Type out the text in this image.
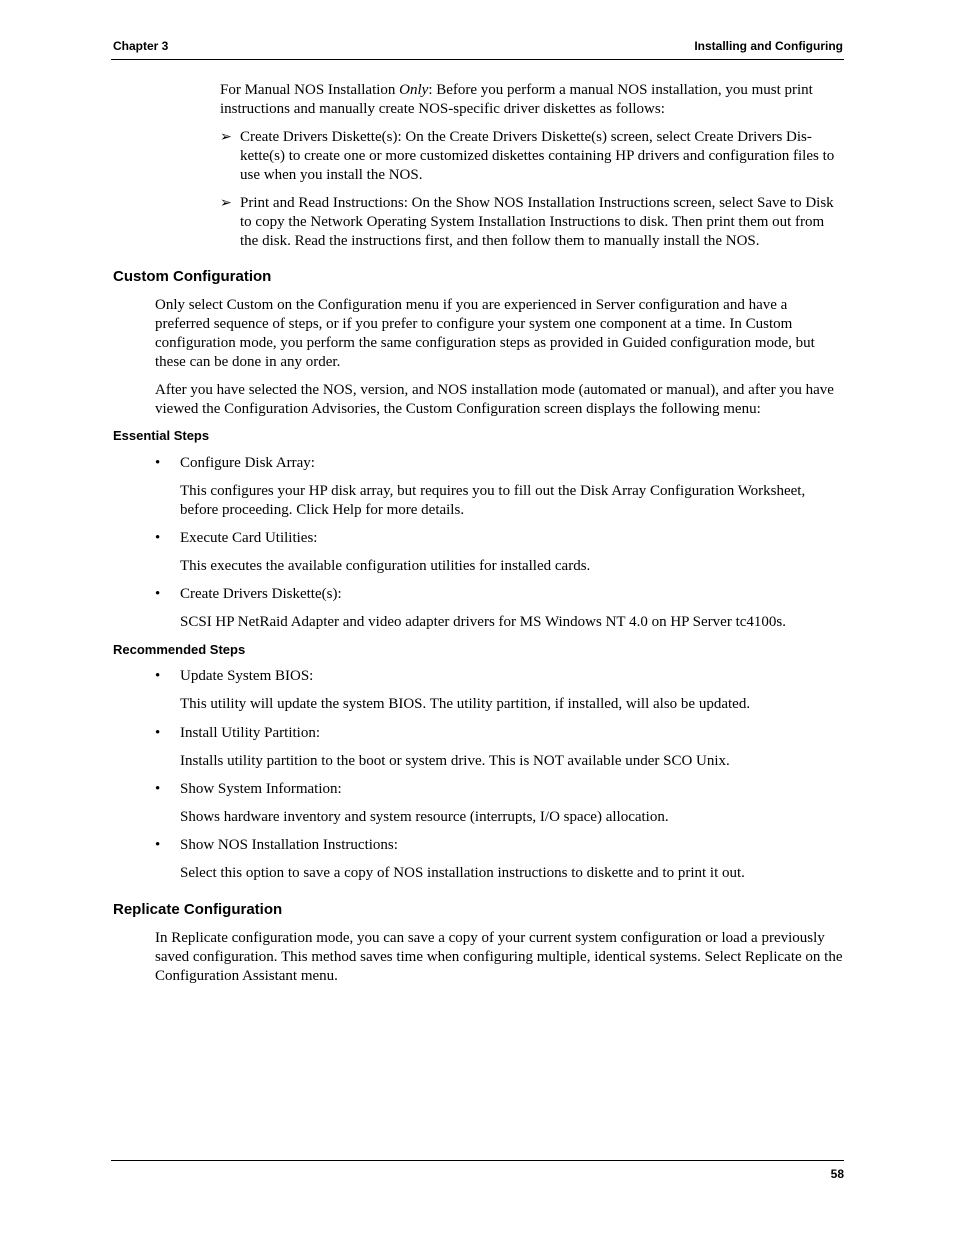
Chapter 3	Installing and Configuring
For Manual NOS Installation Only: Before you perform a manual NOS installation, you must print instructions and manually create NOS-specific driver diskettes as follows:
➢ Create Drivers Diskette(s): On the Create Drivers Diskette(s) screen, select Create Drivers Dis-kette(s) to create one or more customized diskettes containing HP drivers and configuration files to use when you install the NOS.
➢ Print and Read Instructions: On the Show NOS Installation Instructions screen, select Save to Disk to copy the Network Operating System Installation Instructions to disk. Then print them out from the disk. Read the instructions first, and then follow them to manually install the NOS.
Custom Configuration
Only select Custom on the Configuration menu if you are experienced in Server configuration and have a preferred sequence of steps, or if you prefer to configure your system one component at a time. In Custom configuration mode, you perform the same configuration steps as provided in Guided configuration mode, but these can be done in any order.
After you have selected the NOS, version, and NOS installation mode (automated or manual), and after you have viewed the Configuration Advisories, the Custom Configuration screen displays the following menu:
Essential Steps
• Configure Disk Array:
This configures your HP disk array, but requires you to fill out the Disk Array Configuration Worksheet, before proceeding. Click Help for more details.
• Execute Card Utilities:
This executes the available configuration utilities for installed cards.
• Create Drivers Diskette(s):
SCSI HP NetRaid Adapter and video adapter drivers for MS Windows NT 4.0 on HP Server tc4100s.
Recommended Steps
• Update System BIOS:
This utility will update the system BIOS. The utility partition, if installed, will also be updated.
• Install Utility Partition:
Installs utility partition to the boot or system drive. This is NOT available under SCO Unix.
• Show System Information:
Shows hardware inventory and system resource (interrupts, I/O space) allocation.
• Show NOS Installation Instructions:
Select this option to save a copy of NOS installation instructions to diskette and to print it out.
Replicate Configuration
In Replicate configuration mode, you can save a copy of your current system configuration or load a previously saved configuration. This method saves time when configuring multiple, identical systems. Select Replicate on the Configuration Assistant menu.
58
